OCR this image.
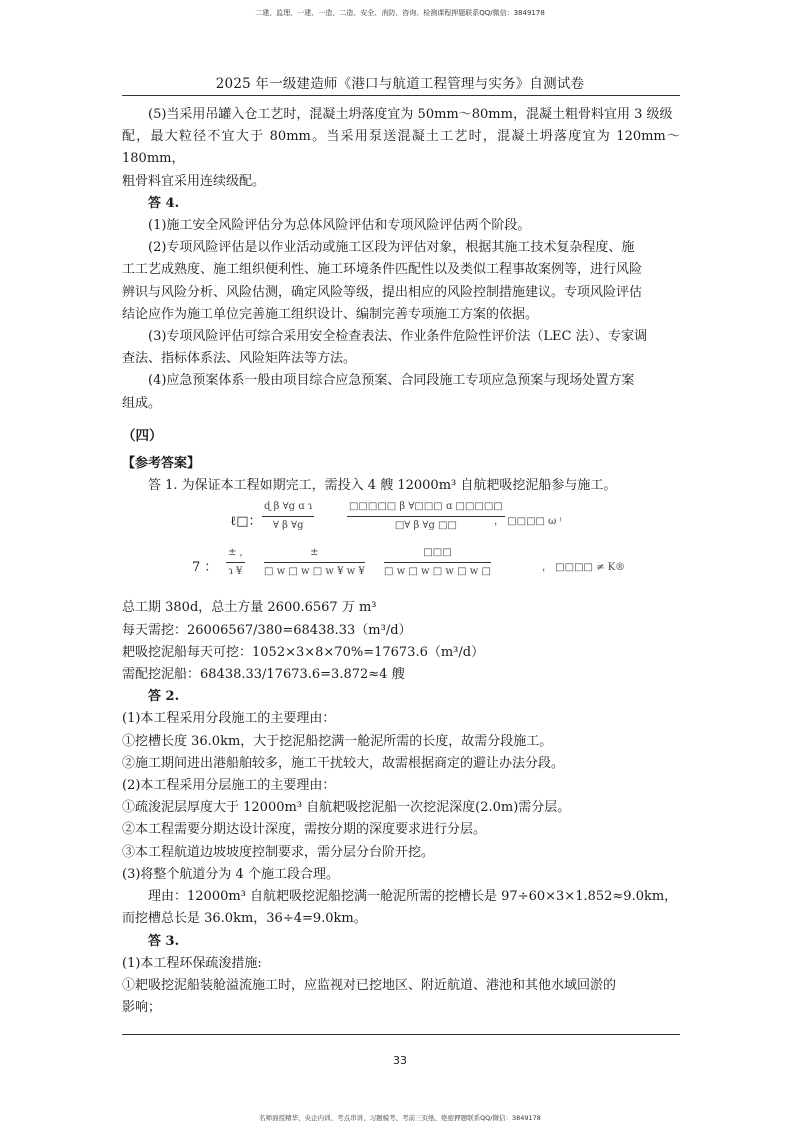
二建、监理、一建、一造、二造、安全、消防、咨询、检测课程押题联系QQ/微信：3849178
2025 年一级建造师《港口与航道工程管理与实务》自测试卷

(5)当采用吊罐入仓工艺时，混凝土坍落度宜为 50mm～80mm，混凝土粗骨料宜用 3 级级

配，最大粒径不宜大于 80mm。当采用泵送混凝土工艺时，混凝土坍落度宜为 120mm～180mm，

粗骨料宜采用连续级配。

答 4.

(1)施工安全风险评估分为总体风险评估和专项风险评估两个阶段。

(2)专项风险评估是以作业活动或施工区段为评估对象，根据其施工技术复杂程度、施

工工艺成熟度、施工组织便利性、施工环境条件匹配性以及类似工程事故案例等，进行风险

辨识与风险分析、风险估测，确定风险等级，提出相应的风险控制措施建议。专项风险评估

结论应作为施工单位完善施工组织设计、编制完善专项施工方案的依据。

(3)专项风险评估可综合采用安全检查表法、作业条件危险性评价法（LEC 法）、专家调

查法、指标体系法、风险矩阵法等方法。

(4)应急预案体系一般由项目综合应急预案、合同段施工专项应急预案与现场处置方案

组成。

（四）

【参考答案】

答 1. 为保证本工程如期完工，需投入 4 艘 12000m³ 自航耙吸挖泥船参与施工。

ℓ□： $\frac{\text{ɖ β ∀g ɑ ɿ}}{\forall \beta \forall g}$	$\frac{\text{□□□□□ β ∀□□□ ɑ □□□□□}}{□\forall \beta \forall g □□}$
， □□□□ ω ᵎ
7 ：
± ,
ɿ ¥
±
□ w □ w □ w ¥ w ¥
□□□
□ w □ w □ w □ w □	， □□□□ ≠ K®

总工期 380d，总土方量 2600.6567 万 m³

每天需挖：26006567/380=68438.33（m³/d）

耙吸挖泥船每天可挖：1052×3×8×70%=17673.6（m³/d）

需配挖泥船：68438.33/17673.6=3.872≈4 艘

答 2.

(1)本工程采用分段施工的主要理由：

①挖槽长度 36.0km，大于挖泥船挖满一舱泥所需的长度，故需分段施工。

②施工期间进出港船舶较多，施工干扰较大，故需根据商定的避让办法分段。

(2)本工程采用分层施工的主要理由：

①疏浚泥层厚度大于 12000m³ 自航耙吸挖泥船一次挖泥深度(2.0m)需分层。

②本工程需要分期达设计深度，需按分期的深度要求进行分层。

③本工程航道边坡坡度控制要求，需分层分台阶开挖。

(3)将整个航道分为 4 个施工段合理。

理由：12000m³ 自航耙吸挖泥船挖满一舱泥所需的挖槽长是 97÷60×3×1.852≈9.0km，

而挖槽总长是 36.0km，36÷4=9.0km。

答 3.

(1)本工程环保疏浚措施:

①耙吸挖泥船装舱溢流施工时，应监视对已挖地区、附近航道、港池和其他水域回淤的

影响；

33
名师面授精华、央企内训、考点串讲、习题模考、考前三页纸、绝密押题联系QQ/微信：3849178
